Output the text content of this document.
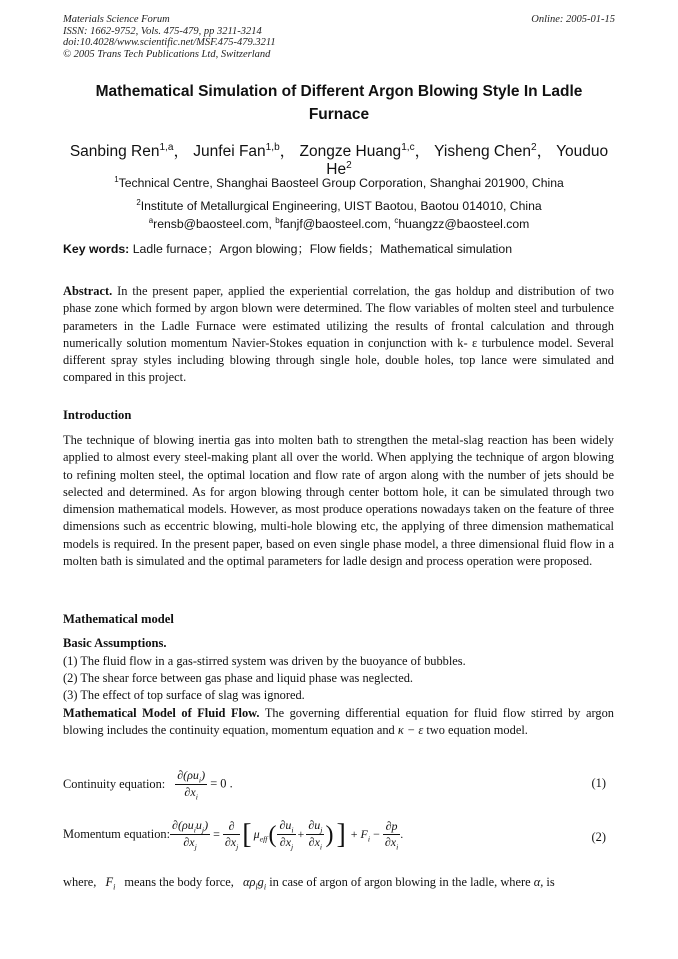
Materials Science Forum
ISSN: 1662-9752, Vols. 475-479, pp 3211-3214
doi:10.4028/www.scientific.net/MSF.475-479.3211
© 2005 Trans Tech Publications Ltd, Switzerland
Online: 2005-01-15
Mathematical Simulation of Different Argon Blowing Style In Ladle
Furnace
Sanbing Ren$^{1,a}$， Junfei Fan$^{1,b}$， Zongze Huang$^{1,c}$， Yisheng Chen$^2$， Youduo He$^2$
$^1$Technical Centre, Shanghai Baosteel Group Corporation, Shanghai 201900, China
$^2$Institute of Metallurgical Engineering, UIST Baotou, Baotou 014010, China
$^a$rensb@baosteel.com, $^b$fanjf@baosteel.com, $^c$huangzz@baosteel.com
Key words: Ladle furnace；Argon blowing；Flow fields；Mathematical simulation
Abstract. In the present paper, applied the experiential correlation, the gas holdup and distribution of two phase zone which formed by argon blown were determined. The flow variables of molten steel and turbulence parameters in the Ladle Furnace were estimated utilizing the results of frontal calculation and through numerically solution momentum Navier-Stokes equation in conjunction with k- ε turbulence model. Several different spray styles including blowing through single hole, double holes, top lance were simulated and compared in this project.
Introduction
The technique of blowing inertia gas into molten bath to strengthen the metal-slag reaction has been widely applied to almost every steel-making plant all over the world. When applying the technique of argon blowing to refining molten steel, the optimal location and flow rate of argon along with the number of jets should be selected and determined. As for argon blowing through center bottom hole, it can be simulated through two dimension mathematical models. However, as most produce operations nowadays taken on the feature of three dimensions such as eccentric blowing, multi-hole blowing etc, the applying of three dimension mathematical models is required. In the present paper, based on even single phase model, a three dimensional fluid flow in a molten bath is simulated and the optimal parameters for ladle design and process operation were proposed.
Mathematical model
Basic Assumptions.
(1) The fluid flow in a gas-stirred system was driven by the buoyance of bubbles.
(2) The shear force between gas phase and liquid phase was neglected.
(3) The effect of top surface of slag was ignored.
Mathematical Model of Fluid Flow. The governing differential equation for fluid flow stirred by argon blowing includes the continuity equation, momentum equation and κ − ε two equation model.
Continuity equation: $\frac{\partial(\rho u_i)}{\partial x_i} = 0$ .	(1)
Momentum equation: $\frac{\partial(\rho u_iu_j)}{\partial x_j} = \frac{\partial}{\partial x_j}$ [ $\mu_{eff}$ ( $\frac{\partial u_i}{\partial x_j} + \frac{\partial u_j}{\partial x_i}$ ) ] + $F_i - \frac{\partial p}{\partial x_i}$ .	(2)
where, $F_i$ means the body force, $\alpha\rho_lg_i$ in case of argon of argon blowing in the ladle, where α, is
